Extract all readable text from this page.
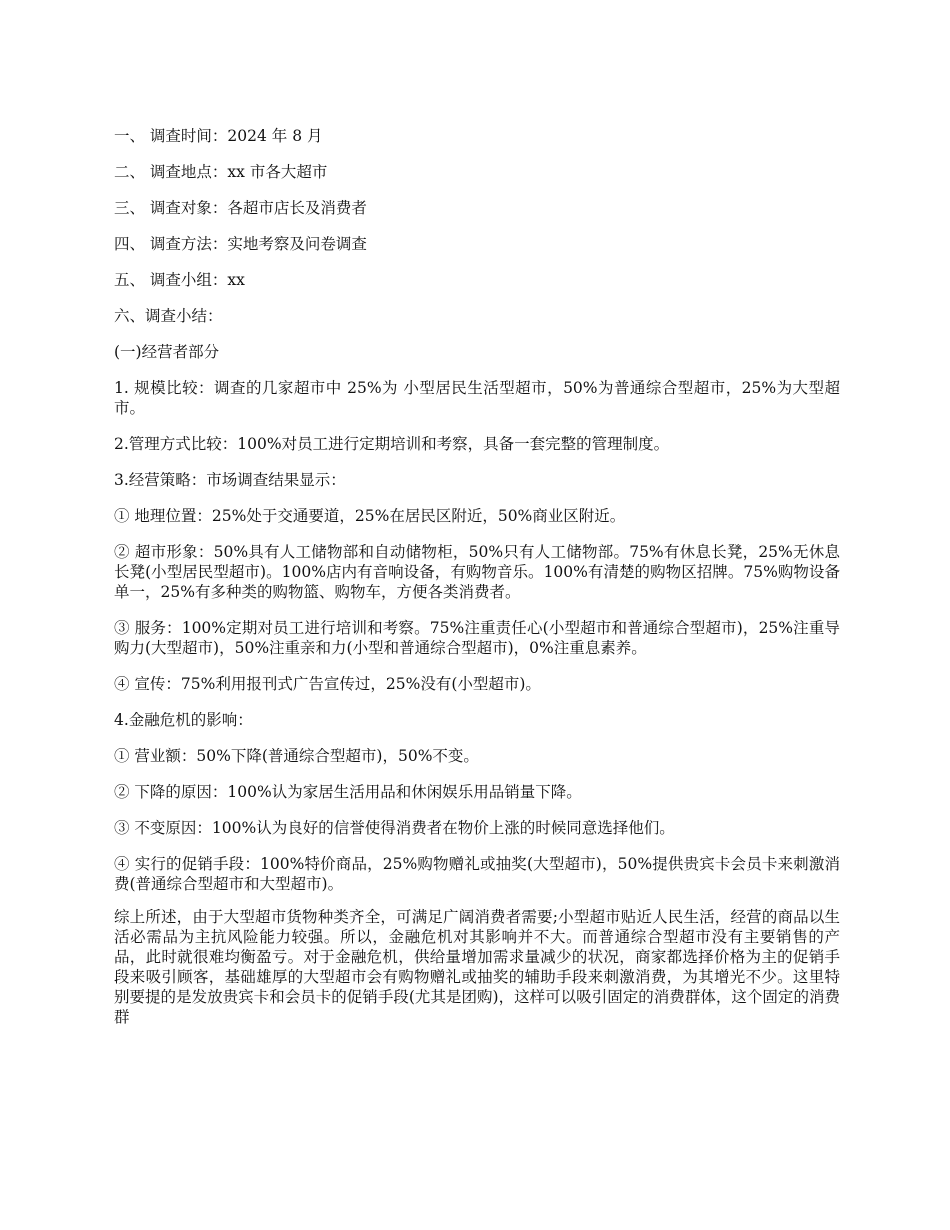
一、 调查时间：2024 年 8 月

二、 调查地点：xx 市各大超市

三、 调查对象：各超市店长及消费者

四、 调查方法：实地考察及问卷调查

五、 调查小组：xx

六、调查小结：

(一)经营者部分

1. 规模比较：调查的几家超市中 25%为 小型居民生活型超市，50%为普通综合型超市，25%为大型超市。

2.管理方式比较：100%对员工进行定期培训和考察，具备一套完整的管理制度。

3.经营策略：市场调查结果显示：

① 地理位置：25%处于交通要道，25%在居民区附近，50%商业区附近。

② 超市形象：50%具有人工储物部和自动储物柜，50%只有人工储物部。75%有休息长凳，25%无休息长凳(小型居民型超市)。100%店内有音响设备，有购物音乐。100%有清楚的购物区招牌。75%购物设备单一，25%有多种类的购物篮、购物车，方便各类消费者。

③ 服务：100%定期对员工进行培训和考察。75%注重责任心(小型超市和普通综合型超市)，25%注重导购力(大型超市)，50%注重亲和力(小型和普通综合型超市)，0%注重息素养。

④ 宣传：75%利用报刊式广告宣传过，25%没有(小型超市)。

4.金融危机的影响：

① 营业额：50%下降(普通综合型超市)，50%不变。

② 下降的原因：100%认为家居生活用品和休闲娱乐用品销量下降。

③ 不变原因：100%认为良好的信誉使得消费者在物价上涨的时候同意选择他们。

④ 实行的促销手段：100%特价商品，25%购物赠礼或抽奖(大型超市)，50%提供贵宾卡会员卡来刺激消费(普通综合型超市和大型超市)。

综上所述，由于大型超市货物种类齐全，可满足广阔消费者需要;小型超市贴近人民生活，经营的商品以生活必需品为主抗风险能力较强。所以，金融危机对其影响并不大。而普通综合型超市没有主要销售的产品，此时就很难均衡盈亏。对于金融危机，供给量增加需求量减少的状况，商家都选择价格为主的促销手段来吸引顾客，基础雄厚的大型超市会有购物赠礼或抽奖的辅助手段来刺激消费，为其增光不少。这里特别要提的是发放贵宾卡和会员卡的促销手段(尤其是团购)，这样可以吸引固定的消费群体，这个固定的消费群
